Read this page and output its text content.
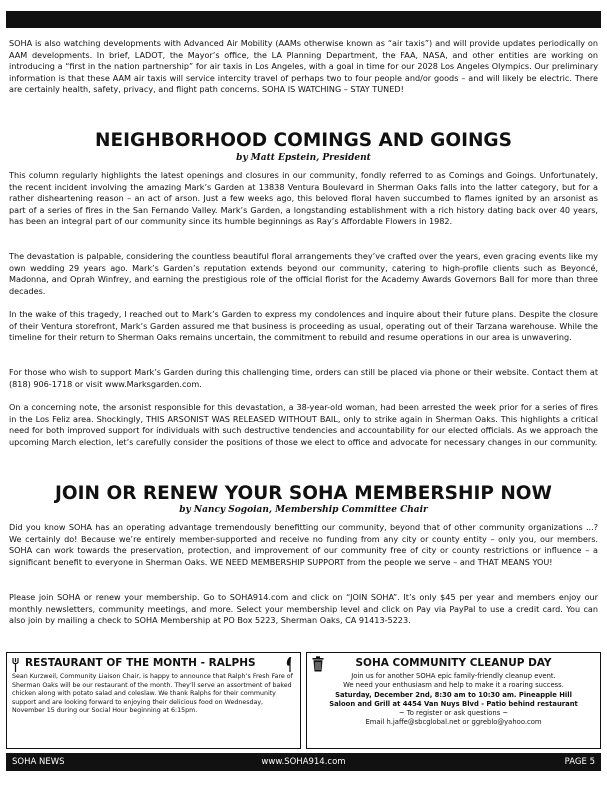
SOHA is also watching developments with Advanced Air Mobility (AAMs otherwise known as “air taxis”) and will provide updates periodically on AAM developments. In brief, LADOT, the Mayor’s office, the LA Planning Department, the FAA, NASA, and other entities are working on introducing a “first in the nation partnership” for air taxis in Los Angeles, with a goal in time for our 2028 Los Angeles Olympics. Our preliminary information is that these AAM air taxis will service intercity travel of perhaps two to four people and/or goods – and will likely be electric. There are certainly health, safety, privacy, and flight path concerns. SOHA IS WATCHING – STAY TUNED!

NEIGHBORHOOD COMINGS AND GOINGS

by Matt Epstein, President

This column regularly highlights the latest openings and closures in our community, fondly referred to as Comings and Goings. Unfortunately, the recent incident involving the amazing Mark’s Garden at 13838 Ventura Boulevard in Sherman Oaks falls into the latter category, but for a rather disheartening reason – an act of arson. Just a few weeks ago, this beloved floral haven succumbed to flames ignited by an arsonist as part of a series of fires in the San Fernando Valley. Mark’s Garden, a longstanding establishment with a rich history dating back over 40 years, has been an integral part of our community since its humble beginnings as Ray’s Affordable Flowers in 1982.

The devastation is palpable, considering the countless beautiful floral arrangements they’ve crafted over the years, even gracing events like my own wedding 29 years ago. Mark’s Garden’s reputation extends beyond our community, catering to high-profile clients such as Beyoncé, Madonna, and Oprah Winfrey, and earning the prestigious role of the official florist for the Academy Awards Governors Ball for more than three decades.

In the wake of this tragedy, I reached out to Mark’s Garden to express my condolences and inquire about their future plans. Despite the closure of their Ventura storefront, Mark’s Garden assured me that business is proceeding as usual, operating out of their Tarzana warehouse. While the timeline for their return to Sherman Oaks remains uncertain, the commitment to rebuild and resume operations in our area is unwavering.

For those who wish to support Mark’s Garden during this challenging time, orders can still be placed via phone or their website. Contact them at (818) 906-1718 or visit www.Marksgarden.com.

On a concerning note, the arsonist responsible for this devastation, a 38-year-old woman, had been arrested the week prior for a series of fires in the Los Feliz area. Shockingly, THIS ARSONIST WAS RELEASED WITHOUT BAIL, only to strike again in Sherman Oaks. This highlights a critical need for both improved support for individuals with such destructive tendencies and accountability for our elected officials. As we approach the upcoming March election, let’s carefully consider the positions of those we elect to office and advocate for necessary changes in our community.

JOIN OR RENEW YOUR SOHA MEMBERSHIP NOW

by Nancy Sogoian, Membership Committee Chair

Did you know SOHA has an operating advantage tremendously benefitting our community, beyond that of other community organizations ...? We certainly do! Because we’re entirely member-supported and receive no funding from any city or county entity – only you, our members. SOHA can work towards the preservation, protection, and improvement of our community free of city or county restrictions or influence – a significant benefit to everyone in Sherman Oaks. WE NEED MEMBERSHIP SUPPORT from the people we serve – and THAT MEANS YOU!

Please join SOHA or renew your membership. Go to SOHA914.com and click on “JOIN SOHA”. It’s only $45 per year and members enjoy our monthly newsletters, community meetings, and more. Select your membership level and click on Pay via PayPal to use a credit card. You can also join by mailing a check to SOHA Membership at PO Box 5223, Sherman Oaks, CA 91413-5223.

RESTAURANT OF THE MONTH - RALPHS

Sean Kurzweil, Community Liaison Chair, is happy to announce that Ralph’s Fresh Fare of Sherman Oaks will be our restaurant of the month. They’ll serve an assortment of baked chicken along with potato salad and coleslaw. We thank Ralphs for their community support and are looking forward to enjoying their delicious food on Wednesday, November 15 during our Social Hour beginning at 6:15pm.

SOHA COMMUNITY CLEANUP DAY

Join us for another SOHA epic family-friendly cleanup event.
We need your enthusiasm and help to make it a roaring success.
Saturday, December 2nd, 8:30 am to 10:30 am. Pineapple Hill
Saloon and Grill at 4454 Van Nuys Blvd - Patio behind restaurant
~ To register or ask questions ~
Email h.jaffe@sbcglobal.net or ggreblo@yahoo.com
SOHA NEWS	www.SOHA914.com	PAGE 5
